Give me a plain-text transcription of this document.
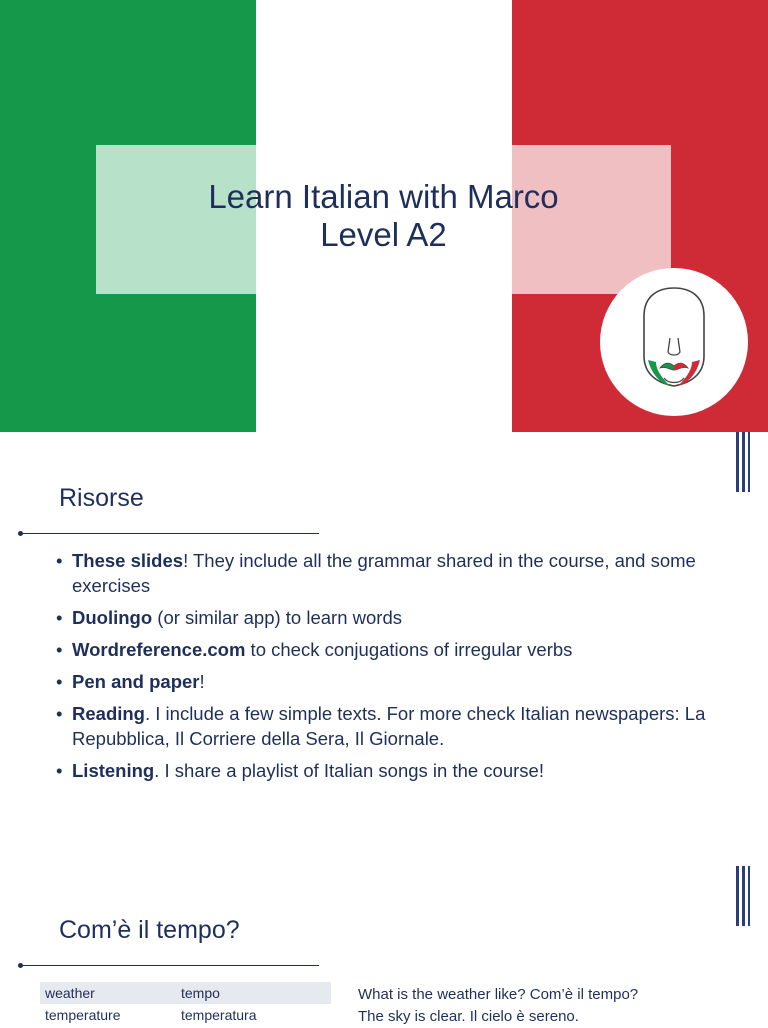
Learn Italian with Marco
Level A2
Risorse
• These slides! They include all the grammar shared in the course, and some exercises
• Duolingo (or similar app) to learn words
• Wordreference.com to check conjugations of irregular verbs
• Pen and paper!
• Reading. I include a few simple texts. For more check Italian newspapers: La Repubblica, Il Corriere della Sera, Il Giornale.
• Listening. I share a playlist of Italian songs in the course!
Com’è il tempo?
weather	tempo
temperature	temperatura
What is the weather like? Com’è il tempo?
The sky is clear. Il cielo è sereno.
